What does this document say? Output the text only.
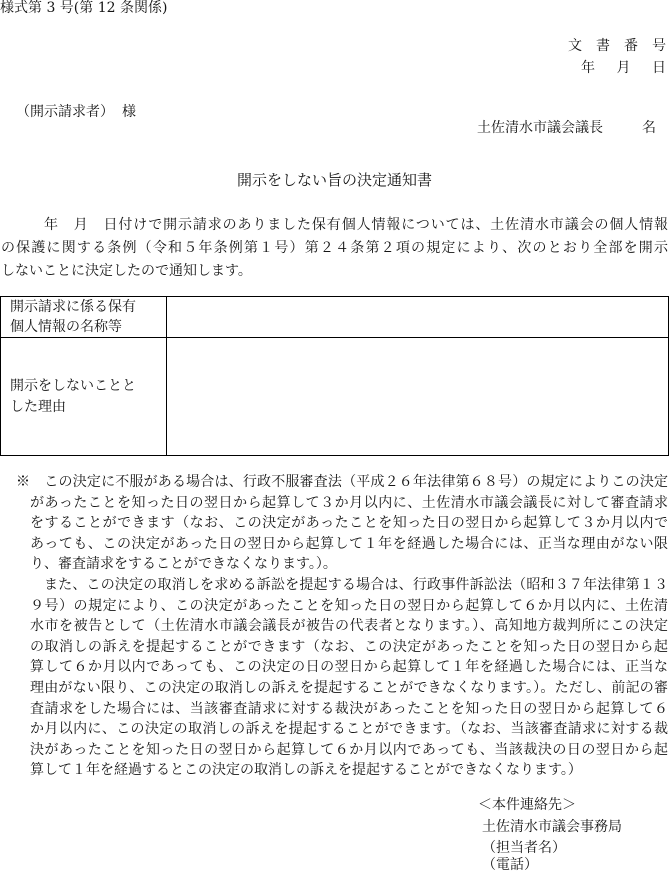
様式第 3 号(第 12 条関係)
文　書　番　号
年　月　日
（開示請求者） 様
土佐清水市議会議長	名
開示をしない旨の決定通知書
年　月　日付けで開示請求のありました保有個人情報については、土佐清水市議会の個人情報
の保護に関する条例（令和５年条例第１号）第２４条第２項の規定により、次のとおり全部を開示
しないことに決定したので通知します。
開示請求に係る保有
個人情報の名称等
開示をしないことと
した理由
※　この決定に不服がある場合は、行政不服審査法（平成２６年法律第６８号）の規定によりこの決定
があったことを知った日の翌日から起算して３か月以内に、土佐清水市議会議長に対して審査請求
をすることができます（なお、この決定があったことを知った日の翌日から起算して３か月以内で
あっても、この決定があった日の翌日から起算して１年を経過した場合には、正当な理由がない限
り、審査請求をすることができなくなります。）。
また、この決定の取消しを求める訴訟を提起する場合は、行政事件訴訟法（昭和３７年法律第１３
９号）の規定により、この決定があったことを知った日の翌日から起算して６か月以内に、土佐清
水市を被告として（土佐清水市議会議長が被告の代表者となります。）、高知地方裁判所にこの決定
の取消しの訴えを提起することができます（なお、この決定があったことを知った日の翌日から起
算して６か月以内であっても、この決定の日の翌日から起算して１年を経過した場合には、正当な
理由がない限り、この決定の取消しの訴えを提起することができなくなります。）。ただし、前記の審
査請求をした場合には、当該審査請求に対する裁決があったことを知った日の翌日から起算して６
か月以内に、この決定の取消しの訴えを提起することができます。（なお、当該審査請求に対する裁
決があったことを知った日の翌日から起算して６か月以内であっても、当該裁決の日の翌日から起
算して１年を経過するとこの決定の取消しの訴えを提起することができなくなります。）
＜本件連絡先＞
土佐清水市議会事務局
（担当者名）
（電話）
